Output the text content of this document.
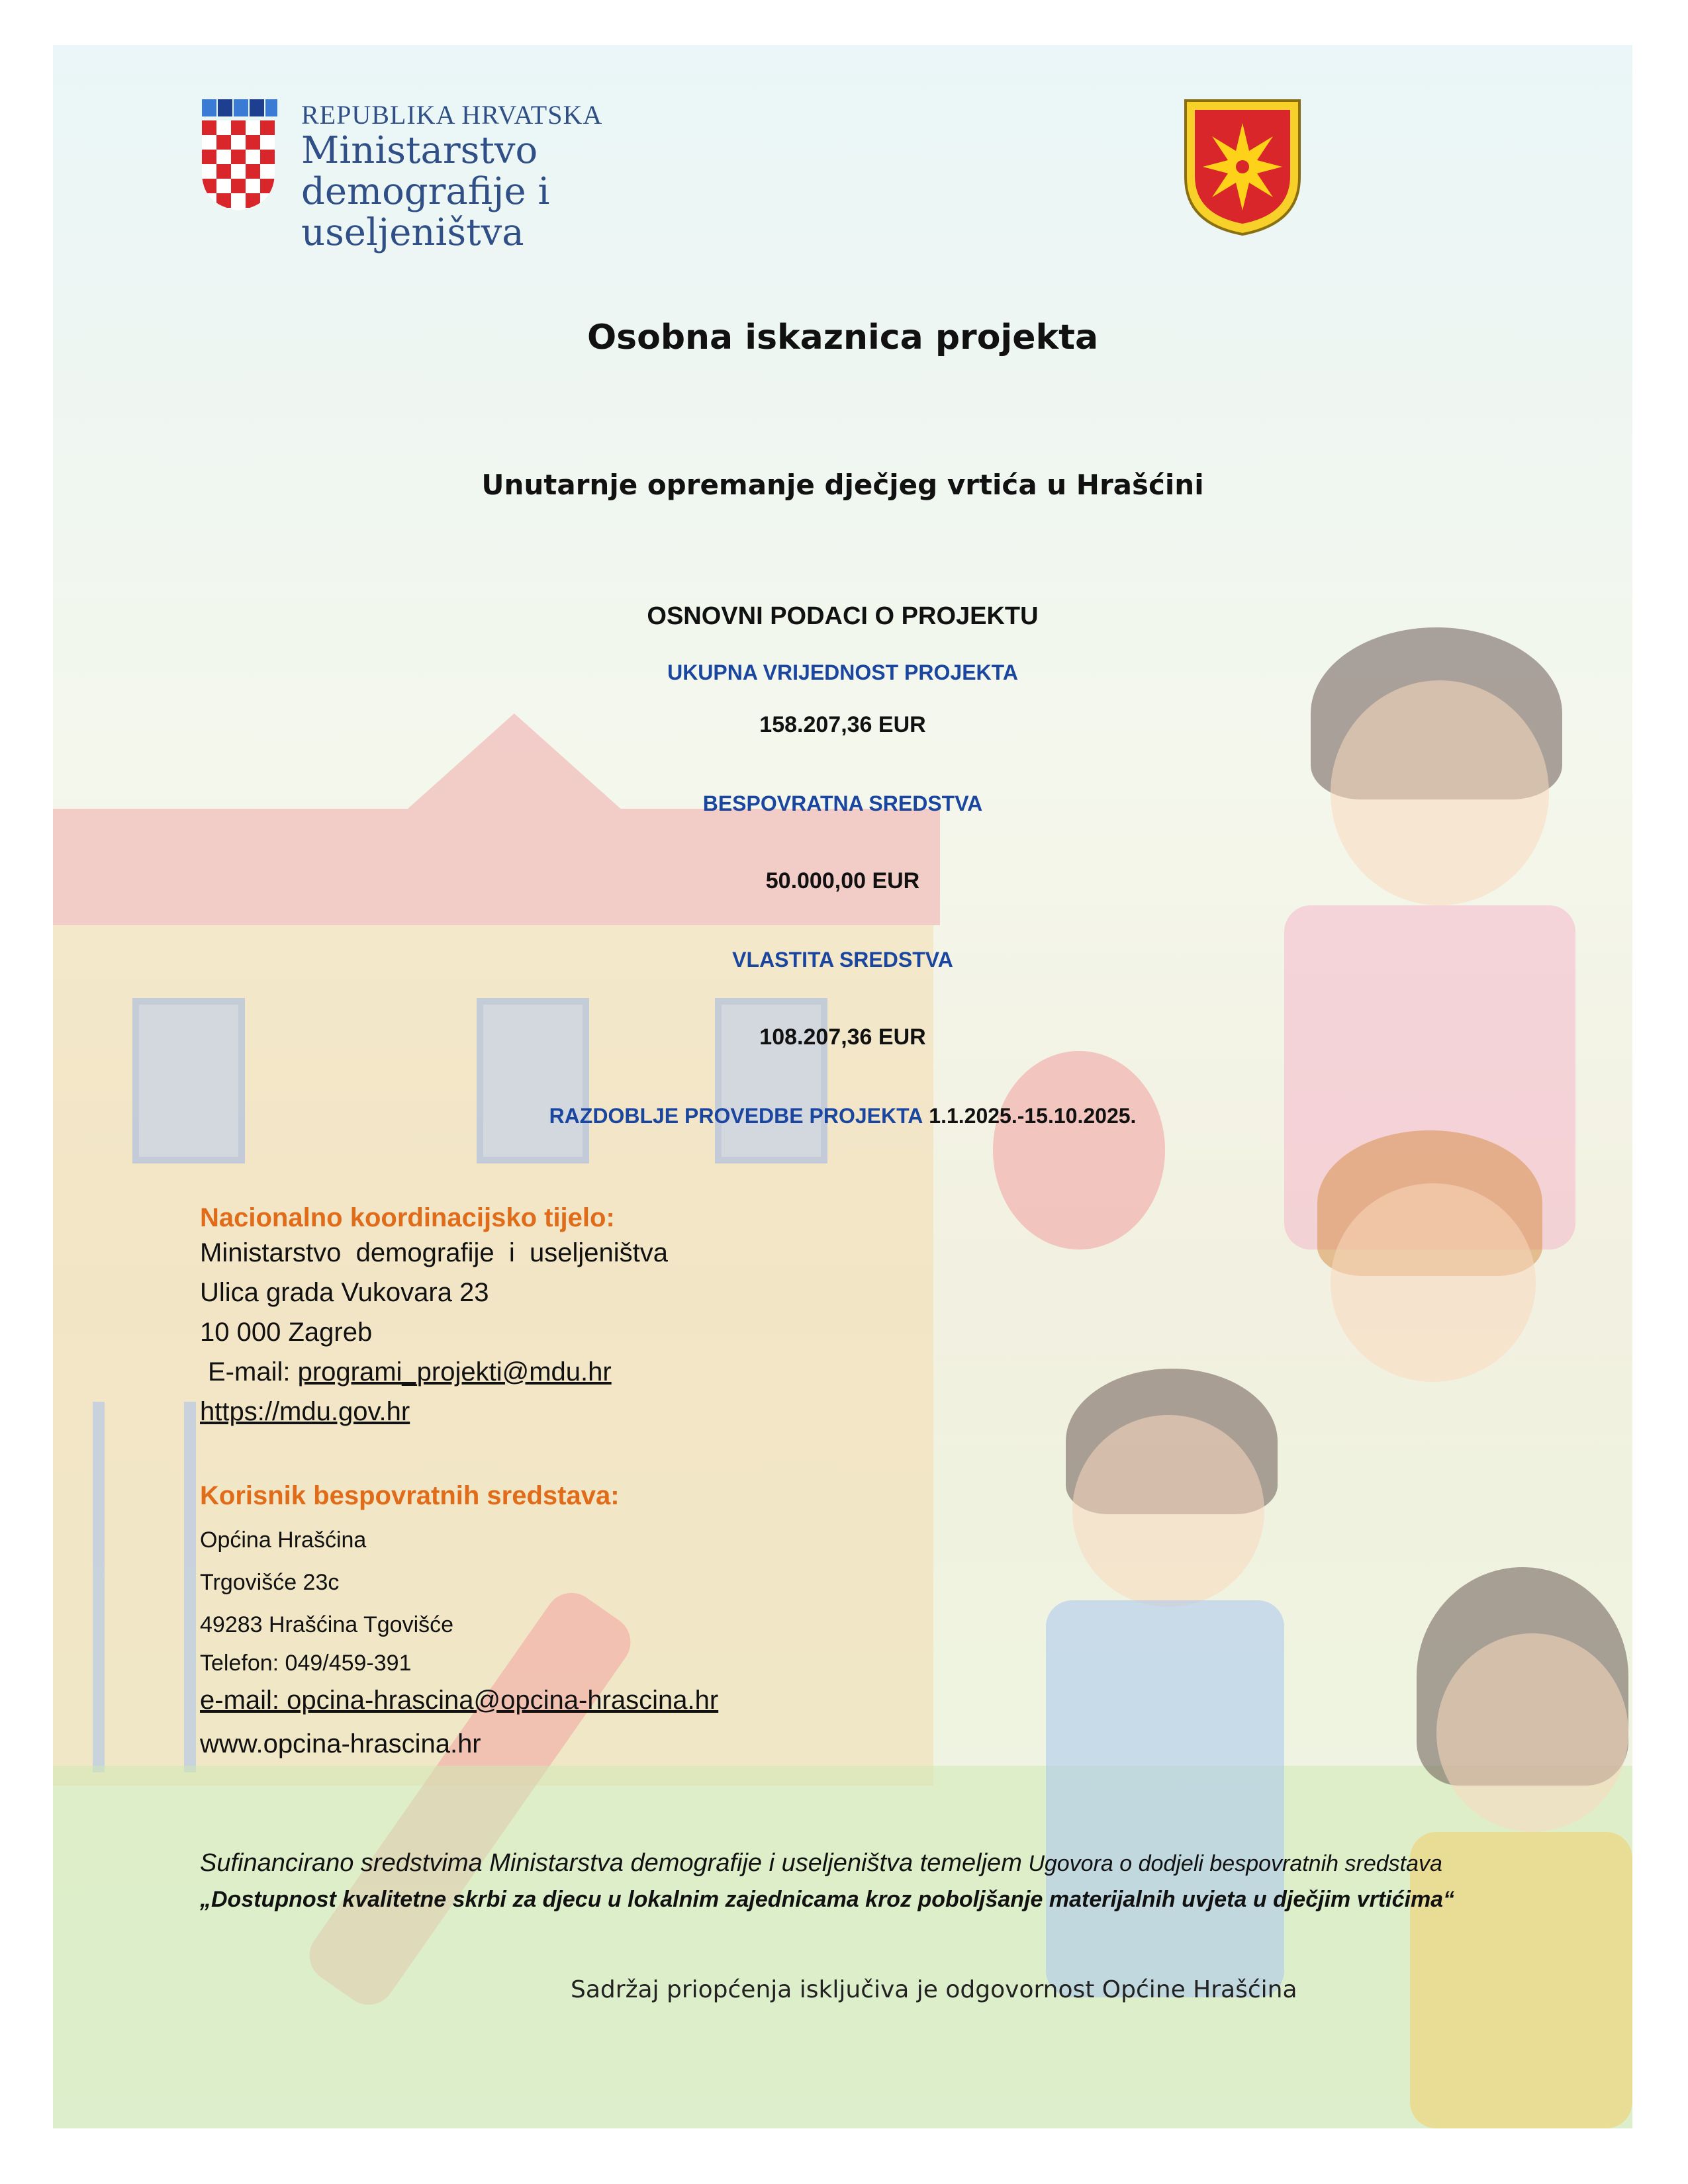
REPUBLIKA HRVATSKA
Ministarstvo
demografije i useljeništva
Osobna iskaznica projekta
Unutarnje opremanje dječjeg vrtića u Hrašćini
OSNOVNI PODACI O PROJEKTU
UKUPNA VRIJEDNOST PROJEKTA
158.207,36 EUR
BESPOVRATNA SREDSTVA
50.000,00 EUR
VLASTITA SREDSTVA
108.207,36 EUR
RAZDOBLJE PROVEDBE PROJEKTA 1.1.2025.-15.10.2025.
Nacionalno koordinacijsko tijelo:
Ministarstvo  demografije  i  useljeništva
Ulica grada Vukovara 23
10 000 Zagreb
E-mail: programi_projekti@mdu.hr
https://mdu.gov.hr
Korisnik bespovratnih sredstava:
Općina Hrašćina
Trgovišće 23c
49283 Hrašćina Tgovišće
Telefon: 049/459-391
e-mail: opcina-hrascina@opcina-hrascina.hr
www.opcina-hrascina.hr
Sufinancirano sredstvima Ministarstva demografije i useljeništva temeljem Ugovora o dodjeli bespovratnih sredstava „Dostupnost kvalitetne skrbi za djecu u lokalnim zajednicama kroz poboljšanje materijalnih uvjeta u dječjim vrtićima“
Sadržaj priopćenja isključiva je odgovornost Općine Hrašćina
